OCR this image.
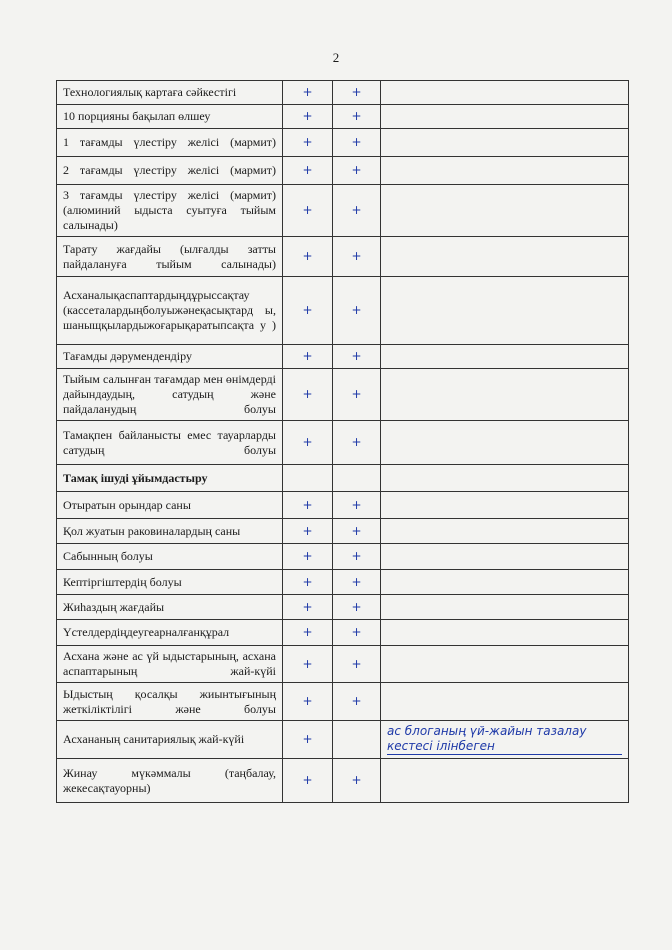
2
Технологиялық картаға сәйкестігі	+	+	
10 порцияны бақылап өлшеу	+	+	
1 тағамды үлестіру желісі (мармит)	+	+	
2 тағамды үлестіру желісі (мармит)	+	+	
3 тағамды үлестіру желісі (мармит) (алюминий ыдыста суытуға тыйым салынады)	+	+	
Тарату жағдайы (ылғалды затты пайдалануға тыйым салынады)	+	+	
Асханалықаспаптардыңдұрыссақтау (кассеталардыңболуыжәнеқасықтард ы, шаныщқылардыжоғарықаратыпсақта у )	+	+	
Тағамды дәрумендендіру	+	+	
Тыйым салынған тағамдар мен өнімдерді дайындаудың, сатудың және пайдаланудың болуы	+	+	
Тамақпен байланысты емес тауарларды сатудың болуы	+	+	
Тамақ ішуді ұйымдастыру			
Отыратын орындар саны	+	+	
Қол жуатын раковиналардың саны	+	+	
Сабынның болуы	+	+	
Кептіргіштердің болуы	+	+	
Жиһаздың жағдайы	+	+	
Үстелдердіңдеугеарналғанқұрал	+	+	
Асхана және ас үй ыдыстарының, асхана аспаптарының жай-күйі	+	+	
Ыдыстың қосалқы жиынтығының жеткіліктілігі және болуы	+	+	
Асхананың санитариялық жай-күйі	+		ас блоганың үй-жайын тазалау кестесі ілінбеген

Жинау мүкәммалы (таңбалау, жекесақтауорны)	+	+	
